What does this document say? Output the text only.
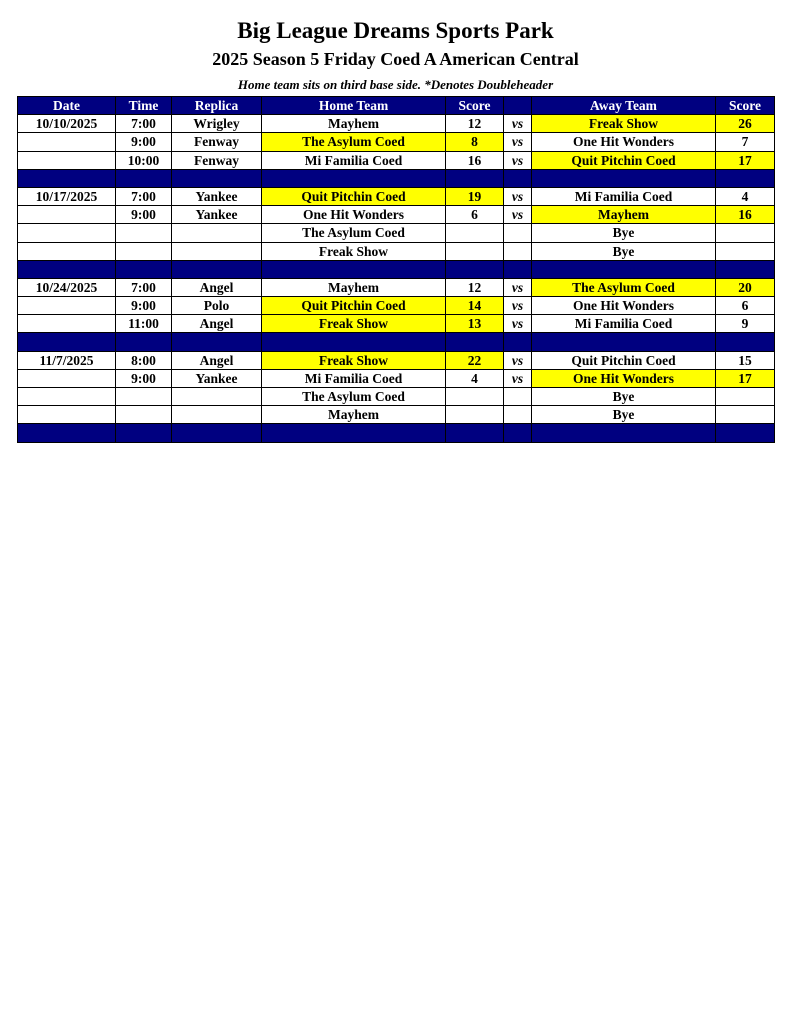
Big League Dreams Sports Park
2025 Season 5 Friday Coed A American Central
Home team sits on third base side. *Denotes Doubleheader
Date	Time	Replica	Home Team	Score		Away Team	Score
10/10/2025	7:00	Wrigley	Mayhem	12	vs	Freak Show	26
	9:00	Fenway	The Asylum Coed	8	vs	One Hit Wonders	7
	10:00	Fenway	Mi Familia Coed	16	vs	Quit Pitchin Coed	17

10/17/2025	7:00	Yankee	Quit Pitchin Coed	19	vs	Mi Familia Coed	4
	9:00	Yankee	One Hit Wonders	6	vs	Mayhem	16
			The Asylum Coed			Bye	
			Freak Show			Bye	

10/24/2025	7:00	Angel	Mayhem	12	vs	The Asylum Coed	20
	9:00	Polo	Quit Pitchin Coed	14	vs	One Hit Wonders	6
	11:00	Angel	Freak Show	13	vs	Mi Familia Coed	9

11/7/2025	8:00	Angel	Freak Show	22	vs	Quit Pitchin Coed	15
	9:00	Yankee	Mi Familia Coed	4	vs	One Hit Wonders	17
			The Asylum Coed			Bye	
			Mayhem			Bye	
